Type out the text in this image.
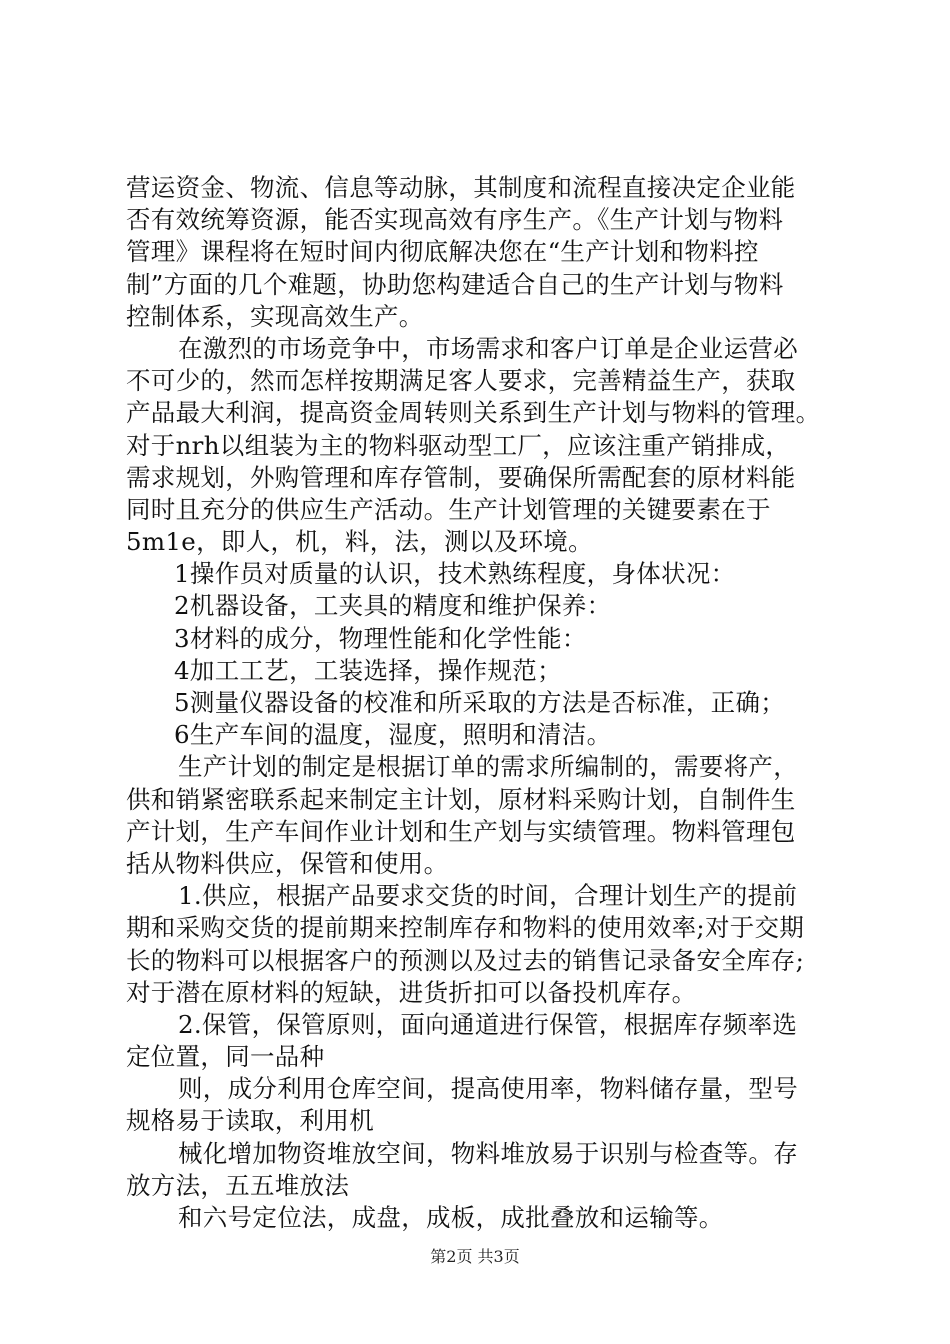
营运资金、物流、信息等动脉，其制度和流程直接决定企业能
否有效统筹资源，能否实现高效有序生产。《生产计划与物料
管理》课程将在短时间内彻底解决您在“生产计划和物料控
制”方面的几个难题，协助您构建适合自己的生产计划与物料
控制体系，实现高效生产。
在激烈的市场竞争中，市场需求和客户订单是企业运营必
不可少的，然而怎样按期满足客人要求，完善精益生产，获取
产品最大利润，提高资金周转则关系到生产计划与物料的管理。
对于nrh以组装为主的物料驱动型工厂，应该注重产销排成，
需求规划，外购管理和库存管制，要确保所需配套的原材料能
同时且充分的供应生产活动。生产计划管理的关键要素在于
5m1e，即人，机，料，法，测以及环境。
1操作员对质量的认识，技术熟练程度，身体状况：
2机器设备，工夹具的精度和维护保养：
3材料的成分，物理性能和化学性能：
4加工工艺，工装选择，操作规范；
5测量仪器设备的校准和所采取的方法是否标准，正确；
6生产车间的温度，湿度，照明和清洁。
生产计划的制定是根据订单的需求所编制的，需要将产，
供和销紧密联系起来制定主计划，原材料采购计划，自制件生
产计划，生产车间作业计划和生产划与实绩管理。物料管理包
括从物料供应，保管和使用。
1.供应，根据产品要求交货的时间，合理计划生产的提前
期和采购交货的提前期来控制库存和物料的使用效率;对于交期
长的物料可以根据客户的预测以及过去的销售记录备安全库存;
对于潜在原材料的短缺，进货折扣可以备投机库存。
2.保管，保管原则，面向通道进行保管，根据库存频率选
定位置，同一品种
则，成分利用仓库空间，提高使用率，物料储存量，型号
规格易于读取，利用机
械化增加物资堆放空间，物料堆放易于识别与检查等。存
放方法，五五堆放法
和六号定位法，成盘，成板，成批叠放和运输等。
第2页 共3页
